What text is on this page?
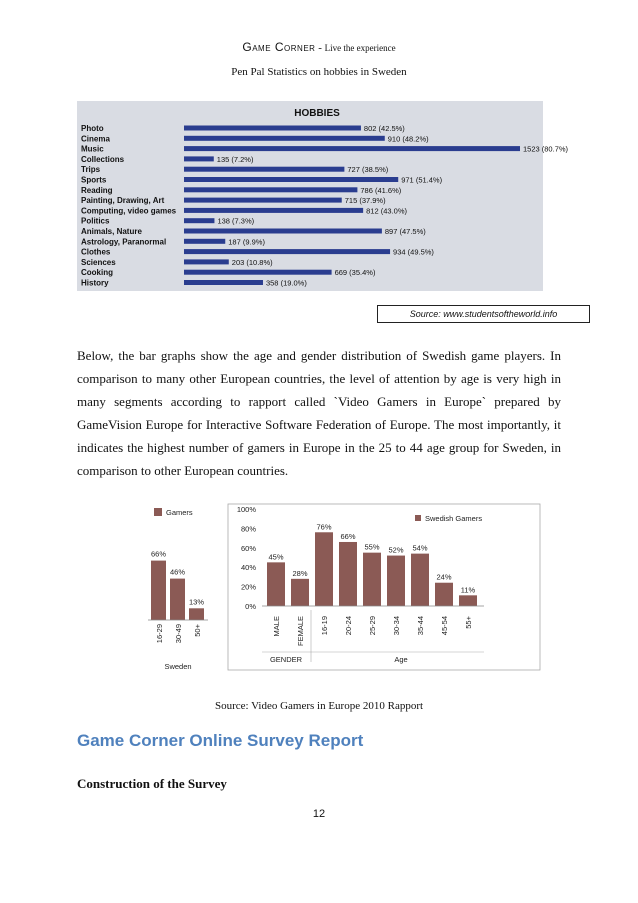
Game Corner - Live the experience
Pen Pal Statistics on hobbies in Sweden
HOBBIES
Photo	802 (42.5%)
Cinema	910 (48.2%)
Music	1523 (80.7%)
Collections	135 (7.2%)
Trips	727 (38.5%)
Sports	971 (51.4%)
Reading	786 (41.6%)
Painting, Drawing, Art	715 (37.9%)
Computing, video games	812 (43.0%)
Politics	138 (7.3%)
Animals, Nature	897 (47.5%)
Astrology, Paranormal	187 (9.9%)
Clothes	934 (49.5%)
Sciences	203 (10.8%)
Cooking	669 (35.4%)
History	358 (19.0%)
Source: www.studentsoftheworld.info
Below, the bar graphs show the age and gender distribution of Swedish game players. In comparison to many other European countries, the level of attention by age is very high in many segments according to rapport called `Video Gamers in Europe` prepared by GameVision Europe for Interactive Software Federation of Europe. The most importantly, it indicates the highest number of gamers in Europe in the 25 to 44 age group for Sweden, in comparison to other European countries.
Gamers
66%
16-29
46%
30-49
13%
50+
Sweden
0%
20%
40%
60%
80%
100%
Swedish Gamers
45%
MALE
28%
FEMALE
76%
16-19
66%
20-24
55%
25-29
52%
30-34
54%
35-44
24%
45-54
11%
55+
GENDER	Age
Source: Video Gamers in Europe 2010 Rapport
Game Corner Online Survey Report
Construction of the Survey
12
